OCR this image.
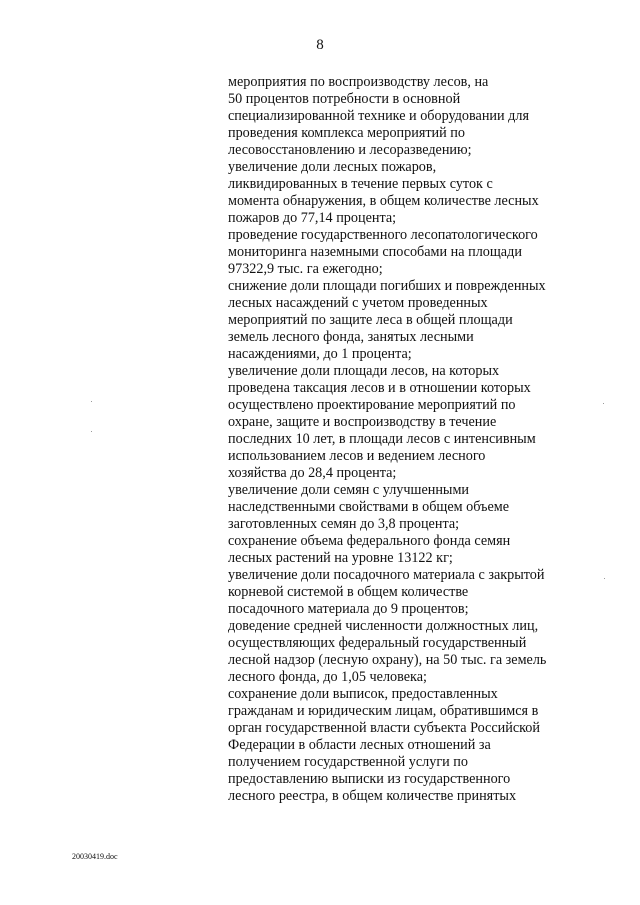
8
мероприятия по воспроизводству лесов, на
50 процентов потребности в основной
специализированной технике и оборудовании для
проведения комплекса мероприятий по
лесовосстановлению и лесоразведению;
увеличение доли лесных пожаров,
ликвидированных в течение первых суток с
момента обнаружения, в общем количестве лесных
пожаров до 77,14 процента;
проведение государственного лесопатологического
мониторинга наземными способами на площади
97322,9 тыс. га ежегодно;
снижение доли площади погибших и поврежденных
лесных насаждений с учетом проведенных
мероприятий по защите леса в общей площади
земель лесного фонда, занятых лесными
насаждениями, до 1 процента;
увеличение доли площади лесов, на которых
проведена таксация лесов и в отношении которых
осуществлено проектирование мероприятий по
охране, защите и воспроизводству в течение
последних 10 лет, в площади лесов с интенсивным
использованием лесов и ведением лесного
хозяйства до 28,4 процента;
увеличение доли семян с улучшенными
наследственными свойствами в общем объеме
заготовленных семян до 3,8 процента;
сохранение объема федерального фонда семян
лесных растений на уровне 13122 кг;
увеличение доли посадочного материала с закрытой
корневой системой в общем количестве
посадочного материала до 9 процентов;
доведение средней численности должностных лиц,
осуществляющих федеральный государственный
лесной надзор (лесную охрану), на 50 тыс. га земель
лесного фонда, до 1,05 человека;
сохранение доли выписок, предоставленных
гражданам и юридическим лицам, обратившимся в
орган государственной власти субъекта Российской
Федерации в области лесных отношений за
получением государственной услуги по
предоставлению выписки из государственного
лесного реестра, в общем количестве принятых
20030419.doc
